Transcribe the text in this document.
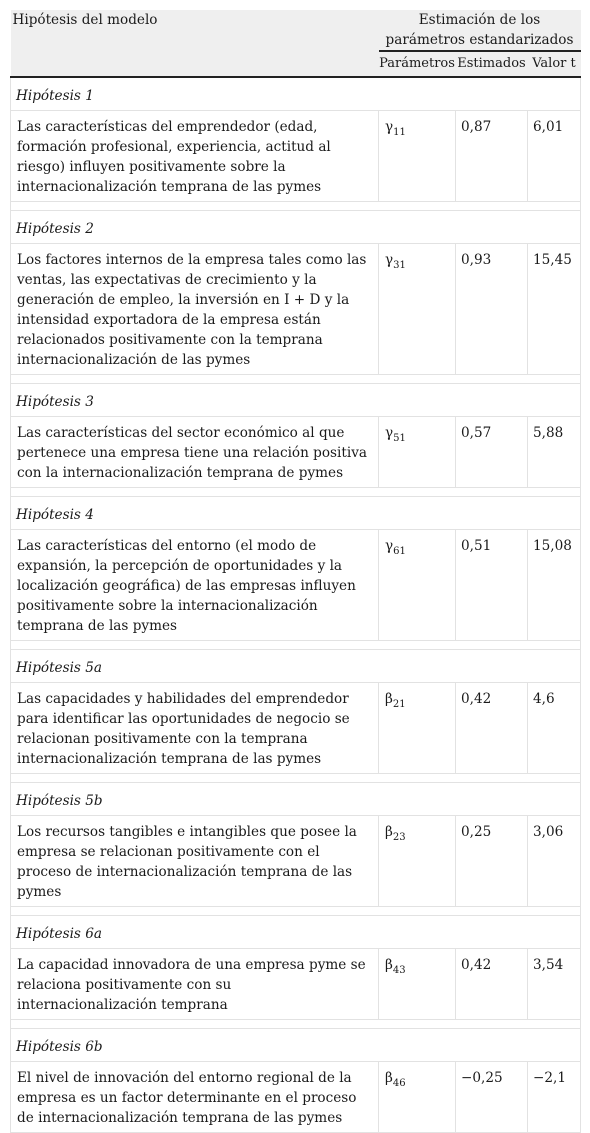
Hipótesis del modelo	Estimación de los parámetros estandarizados		
	Parámetros	Estimados	Valor t
Hipótesis 1			
Las características del emprendedor (edad, formación profesional, experiencia, actitud al riesgo) influyen positivamente sobre la internacionalización temprana de las pymes	$\gamma_{11}$	0,87	6,01

Hipótesis 2			
Los factores internos de la empresa tales como las ventas, las expectativas de crecimiento y la generación de empleo, la inversión en I + D y la intensidad exportadora de la empresa están relacionados positivamente con la temprana internacionalización de las pymes	$\gamma_{31}$	0,93	15,45

Hipótesis 3			
Las características del sector económico al que pertenece una empresa tiene una relación positiva con la internacionalización temprana de pymes	$\gamma_{51}$	0,57	5,88

Hipótesis 4			
Las características del entorno (el modo de expansión, la percepción de oportunidades y la localización geográfica) de las empresas influyen positivamente sobre la internacionalización temprana de las pymes	$\gamma_{61}$	0,51	15,08

Hipótesis 5a			
Las capacidades y habilidades del emprendedor para identificar las oportunidades de negocio se relacionan positivamente con la temprana internacionalización temprana de las pymes	$\beta_{21}$	0,42	4,6

Hipótesis 5b			
Los recursos tangibles e intangibles que posee la empresa se relacionan positivamente con el proceso de internacionalización temprana de las pymes	$\beta_{23}$	0,25	3,06

Hipótesis 6a			
La capacidad innovadora de una empresa pyme se relaciona positivamente con su internacionalización temprana	$\beta_{43}$	0,42	3,54

Hipótesis 6b			
El nivel de innovación del entorno regional de la empresa es un factor determinante en el proceso de internacionalización temprana de las pymes	$\beta_{46}$	−0,25	−2,1
